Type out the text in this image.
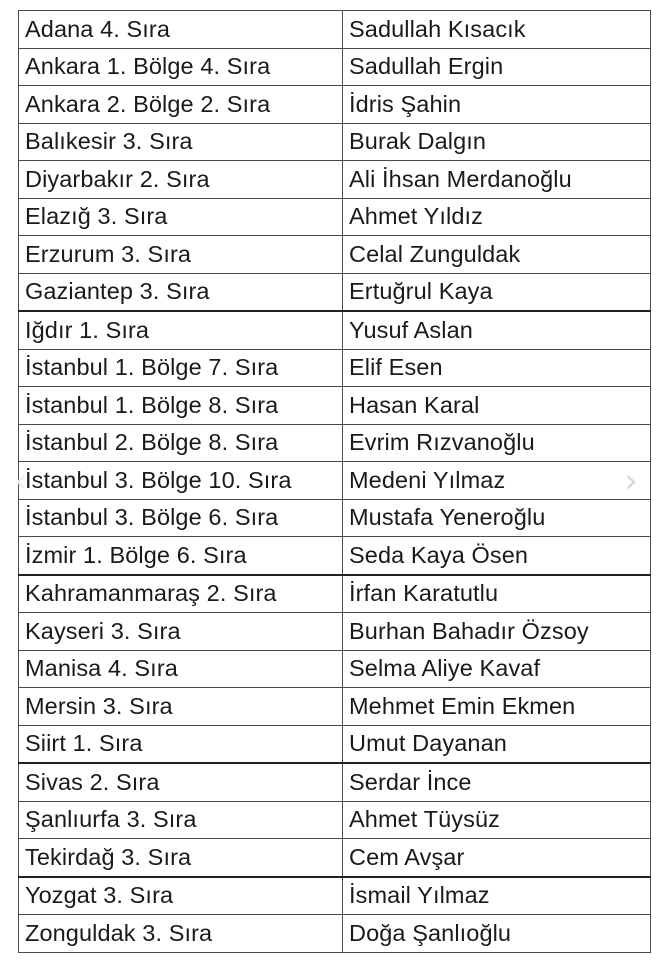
Adana 4. Sıra	Sadullah Kısacık
Ankara 1. Bölge 4. Sıra	Sadullah Ergin
Ankara 2. Bölge 2. Sıra	İdris Şahin
Balıkesir 3. Sıra	Burak Dalgın
Diyarbakır 2. Sıra	Ali İhsan Merdanoğlu
Elazığ 3. Sıra	Ahmet Yıldız
Erzurum 3. Sıra	Celal Zunguldak
Gaziantep 3. Sıra	Ertuğrul Kaya
Iğdır 1. Sıra	Yusuf Aslan
İstanbul 1. Bölge 7. Sıra	Elif Esen
İstanbul 1. Bölge 8. Sıra	Hasan Karal
İstanbul 2. Bölge 8. Sıra	Evrim Rızvanoğlu
İstanbul 3. Bölge 10. Sıra	Medeni Yılmaz
İstanbul 3. Bölge 6. Sıra	Mustafa Yeneroğlu
İzmir 1. Bölge 6. Sıra	Seda Kaya Ösen
Kahramanmaraş 2. Sıra	İrfan Karatutlu
Kayseri 3. Sıra	Burhan Bahadır Özsoy
Manisa 4. Sıra	Selma Aliye Kavaf
Mersin 3. Sıra	Mehmet Emin Ekmen
Siirt 1. Sıra	Umut Dayanan
Sivas 2. Sıra	Serdar İnce
Şanlıurfa 3. Sıra	Ahmet Tüysüz
Tekirdağ 3. Sıra	Cem Avşar
Yozgat 3. Sıra	İsmail Yılmaz
Zonguldak 3. Sıra	Doğa Şanlıoğlu
‹	›
